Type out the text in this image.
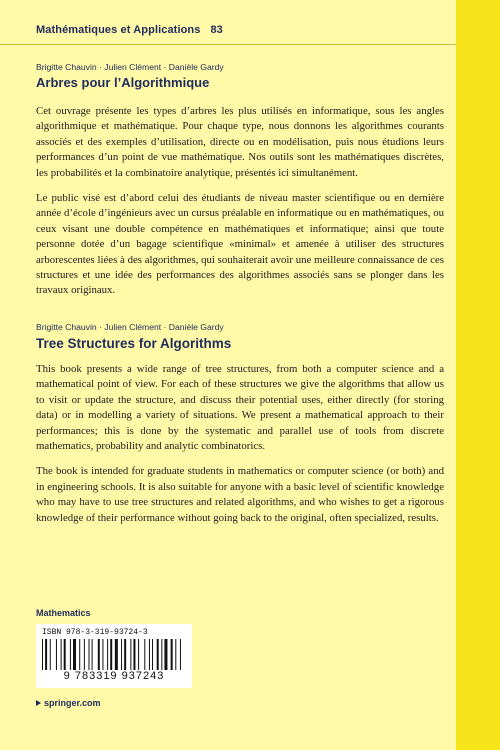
Mathématiques et Applications 83
Brigitte Chauvin · Julien Clément · Danièle Gardy
Arbres pour l’Algorithmique

Cet ouvrage présente les types d’arbres les plus utilisés en informatique, sous les angles algorithmique et mathématique. Pour chaque type, nous donnons les algorithmes courants associés et des exemples d’utilisation, directe ou en modélisation, puis nous étudions leurs performances d’un point de vue mathématique. Nos outils sont les mathématiques discrètes, les probabilités et la combinatoire analytique, présentés ici simultanément.

Le public visé est d’abord celui des étudiants de niveau master scientifique ou en dernière année d’école d’ingénieurs avec un cursus préalable en informatique ou en mathématiques, ou ceux visant une double compétence en mathématiques et informatique; ainsi que toute personne dotée d’un bagage scientifique «minimal» et amenée à utiliser des structures arborescentes liées à des algorithmes, qui souhaiterait avoir une meilleure connaissance de ces structures et une idée des performances des algorithmes associés sans se plonger dans les travaux originaux.

Brigitte Chauvin · Julien Clément · Danièle Gardy
Tree Structures for Algorithms

This book presents a wide range of tree structures, from both a computer science and a mathematical point of view. For each of these structures we give the algorithms that allow us to visit or update the structure, and discuss their potential uses, either directly (for storing data) or in modelling a variety of situations. We present a mathematical approach to their performances; this is done by the systematic and parallel use of tools from discrete mathematics, probability and analytic combinatorics.

The book is intended for graduate students in mathematics or computer science (or both) and in engineering schools. It is also suitable for anyone with a basic level of scientific knowledge who may have to use tree structures and related algorithms, and who wishes to get a rigorous knowledge of their performance without going back to the original, often specialized, results.

Mathematics
ISBN 978-3-319-93724-3
9 783319 937243
springer.com
